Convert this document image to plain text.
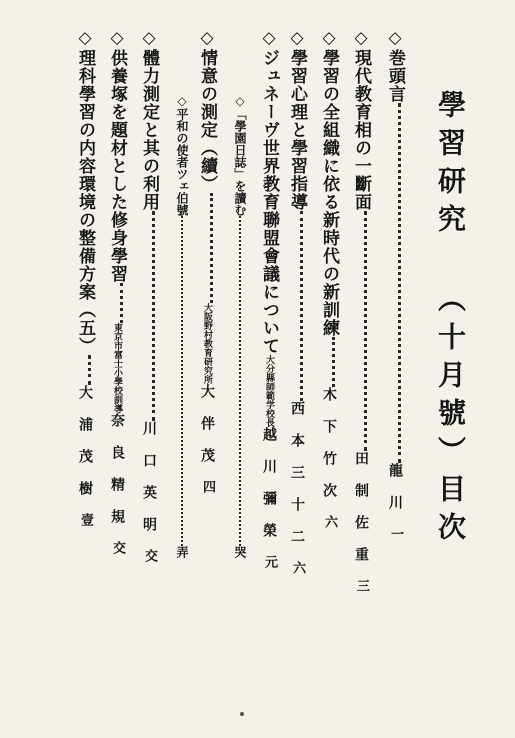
學習研究（十月號）目次
◇巻頭言龍川一
◇現代教育相の一斷面田制佐重三
◇學習の全組織に依る新時代の新訓練木下竹次六
◇學習心理と學習指導西本三十二六
◇ジュネーヴ世界教育聯盟會議について大分縣師範学校長越川彌榮元
◇「學園日誌」を讀む哭
◇情意の測定（續）大阪野村教育研究所大伴茂四
◇平和の使者ツェ伯號弄
◇體力測定と其の利用川口英明交
◇供養塚を題材とした修身學習東京市富士小學校訓導奈良精規交
◇理科學習の内容環境の整備方案（五）大浦茂樹壹
